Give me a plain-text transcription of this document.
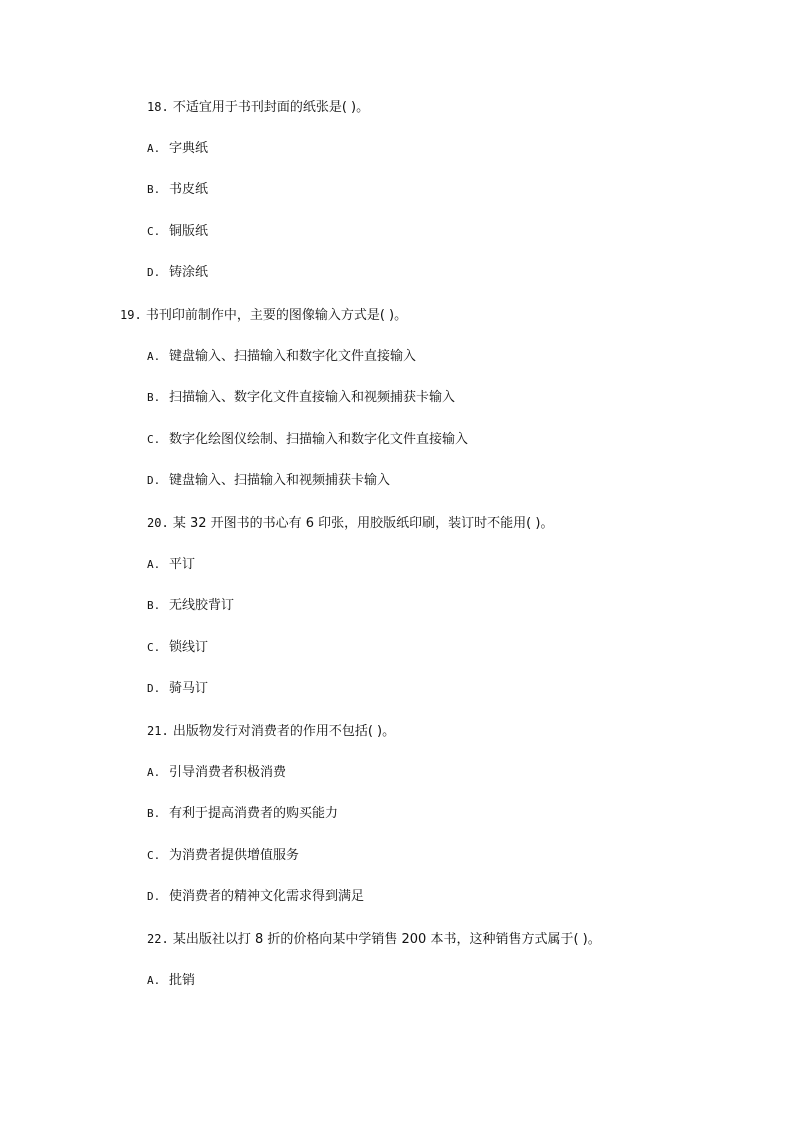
18. 不适宜用于书刊封面的纸张是( )。
A. 字典纸
B. 书皮纸
C. 铜版纸
D. 铸涂纸
19. 书刊印前制作中，主要的图像输入方式是( )。
A. 键盘输入、扫描输入和数字化文件直接输入
B. 扫描输入、数字化文件直接输入和视频捕获卡输入
C. 数字化绘图仪绘制、扫描输入和数字化文件直接输入
D. 键盘输入、扫描输入和视频捕获卡输入
20. 某 32 开图书的书心有 6 印张，用胶版纸印刷，装订时不能用( )。
A. 平订
B. 无线胶背订
C. 锁线订
D. 骑马订
21. 出版物发行对消费者的作用不包括( )。
A. 引导消费者积极消费
B. 有利于提高消费者的购买能力
C. 为消费者提供增值服务
D. 使消费者的精神文化需求得到满足
22. 某出版社以打 8 折的价格向某中学销售 200 本书，这种销售方式属于( )。
A. 批销
